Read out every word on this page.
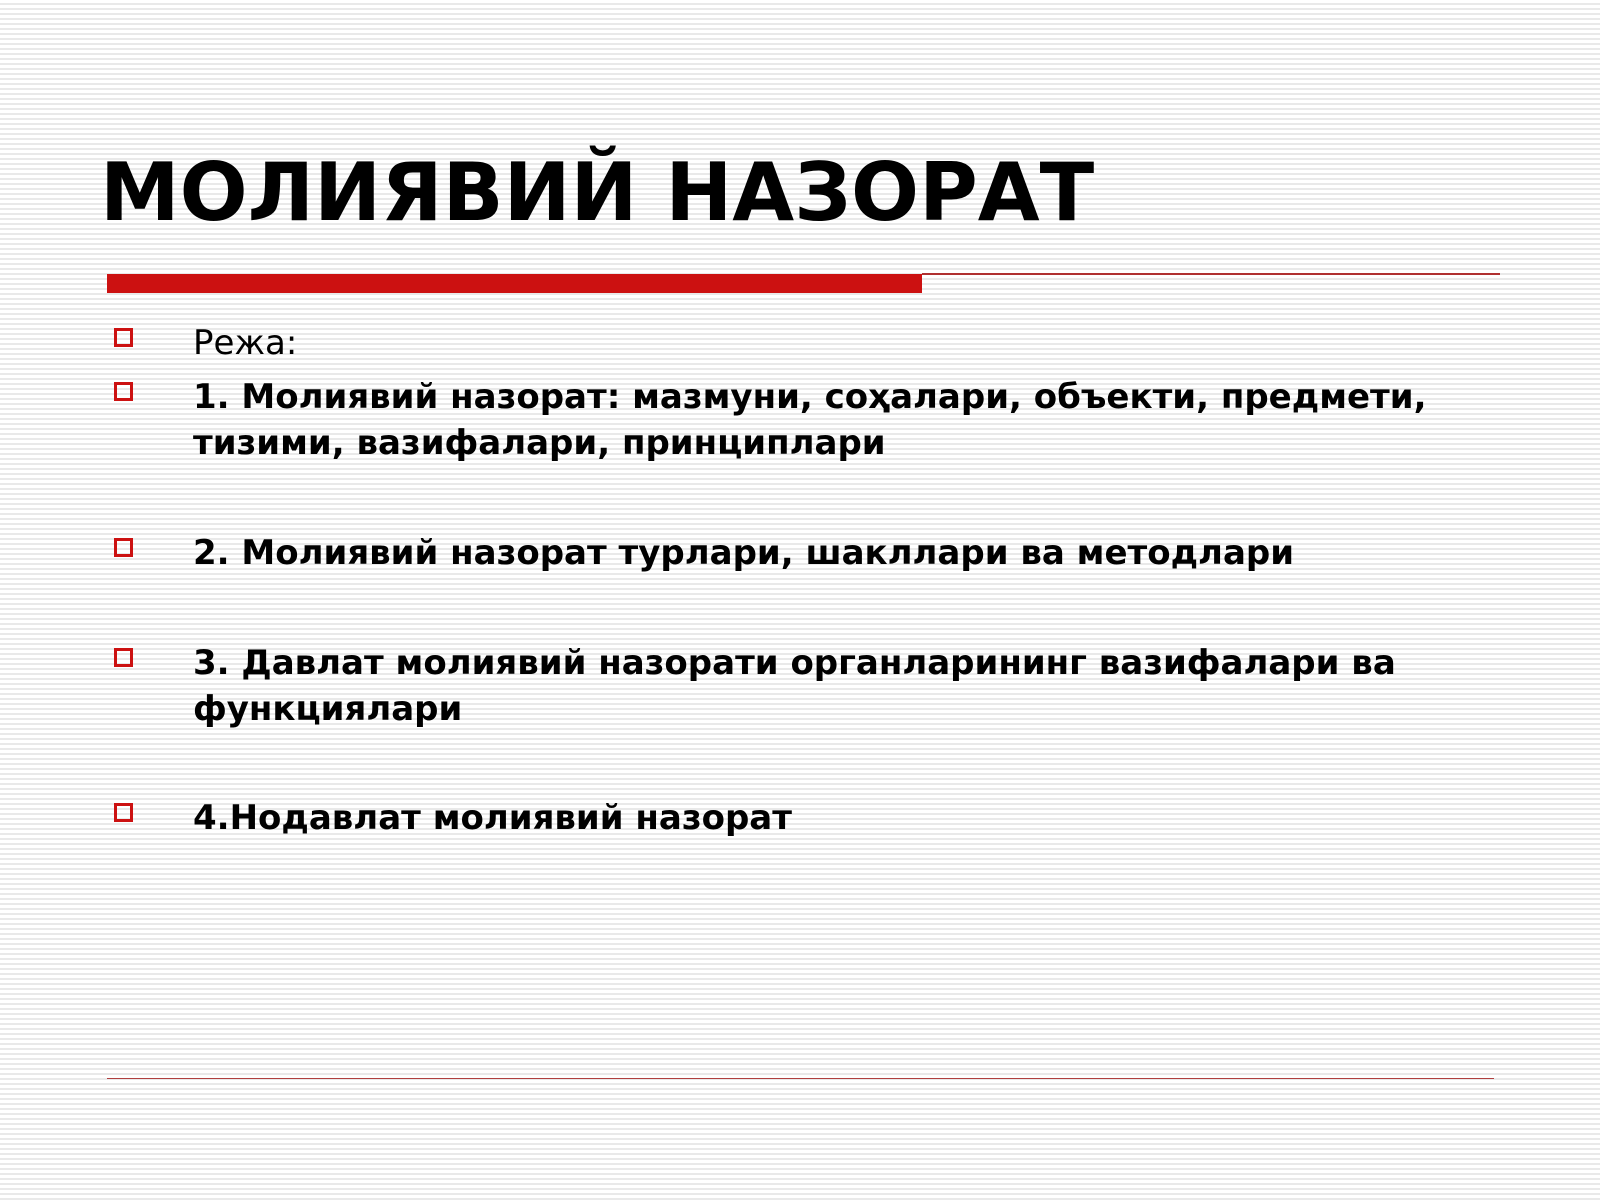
МОЛИЯВИЙ НАЗОРАТ
Режа:
1. Молиявий назорат: мазмуни, соҳалари, объекти, предмети, тизими, вазифалари, принциплари
2. Молиявий назорат турлари, шакллари ва методлари
3. Давлат молиявий назорати органларининг вазифалари ва функциялари
4.Нодавлат молиявий назорат
